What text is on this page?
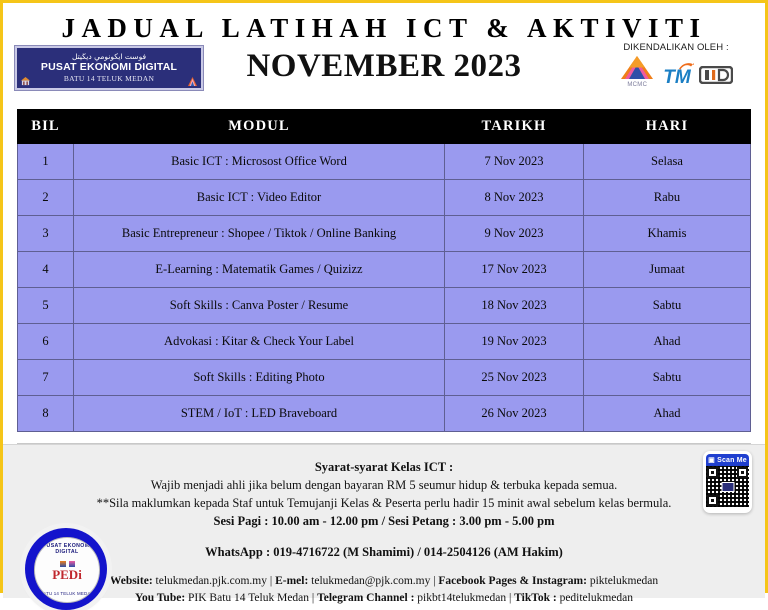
JADUAL LATIHAH ICT & AKTIVITI
فوست ايكونومي ديڬيتل
PUSAT EKONOMI DIGITAL
BATU 14 TELUK MEDAN	NOVEMBER 2023
DIKENDALIKAN OLEH :
MCMC TM
BIL	MODUL	TARIKH	HARI
1	Basic ICT : Microsost Office Word	7 Nov 2023	Selasa
2	Basic ICT : Video Editor	8 Nov 2023	Rabu
3	Basic Entrepreneur : Shopee / Tiktok / Online Banking	9 Nov 2023	Khamis
4	E-Learning : Matematik Games / Quizizz	17 Nov 2023	Jumaat
5	Soft Skills : Canva Poster / Resume	18 Nov 2023	Sabtu
6	Advokasi : Kitar & Check Your Label	19 Nov 2023	Ahad
7	Soft Skills : Editing Photo	25 Nov 2023	Sabtu
8	STEM / IoT : LED Braveboard	26 Nov 2023	Ahad
Syarat-syarat Kelas ICT :
Wajib menjadi ahli jika belum dengan bayaran RM 5 seumur hidup & terbuka kepada semua.
**Sila maklumkan kepada Staf untuk Temujanji Kelas & Peserta perlu hadir 15 minit awal sebelum kelas bermula.
Sesi Pagi : 10.00 am - 12.00 pm / Sesi Petang : 3.00 pm - 5.00 pm
WhatsApp : 019-4716722 (M Shamimi) / 014-2504126 (AM Hakim)
Website: telukmedan.pjk.com.my | E-mel: telukmedan@pjk.com.my | Facebook Pages & Instagram: piktelukmedan
You Tube: PIK Batu 14 Teluk Medan | Telegram Channel : pikbt14telukmedan | TikTok : peditelukmedan
▣ Scan Me
PUSAT EKONOMI DIGITAL
PEDi
BATU 14 TELUK MEDAN
